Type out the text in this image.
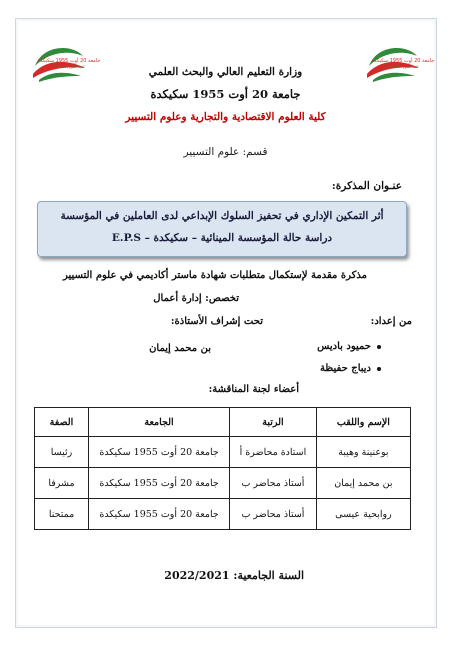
جامعة 20 أوت 1955 سكيكدة
كلية العلوم الاقتصادية
جامعة 20 أوت 1955 سكيكدة
كلية العلوم الاقتصادية
وزارة التعليم العالي والبحث العلمي
جامعة 20 أوت 1955 سكيكدة
كلية العلوم الاقتصادية والتجارية وعلوم التسيير
قسم: علوم التسيير
عنـوان المذكرة:
أثر التمكين الإداري في تحفيز السلوك الإبداعي لدى العاملين في المؤسسة
دراسة حالة المؤسسة المينائية – سكيكدة – E.P.S
مذكرة مقدمة لإستكمال متطلبات شهادة ماستر أكاديمي في علوم التسيير
تخصص: إدارة أعمال
من إعداد:
تحت إشراف الأستاذة:
حميود باديس
ديباج حفيظة
بن محمد إيمان
أعضاء لجنة المناقشة:
الإسم واللقب	الرتبة	الجامعة	الصفة
بوعنينة وهيبة	استادة محاضرة أ	جامعة 20 أوت 1955 سكيكدة	رئيسا
بن محمد إيمان	أستاذ محاضر ب	جامعة 20 أوت 1955 سكيكدة	مشرفا
روابحية عيسى	أستاذ محاضر ب	جامعة 20 أوت 1955 سكيكدة	ممتحنا
السنة الجامعية: 2022/2021
